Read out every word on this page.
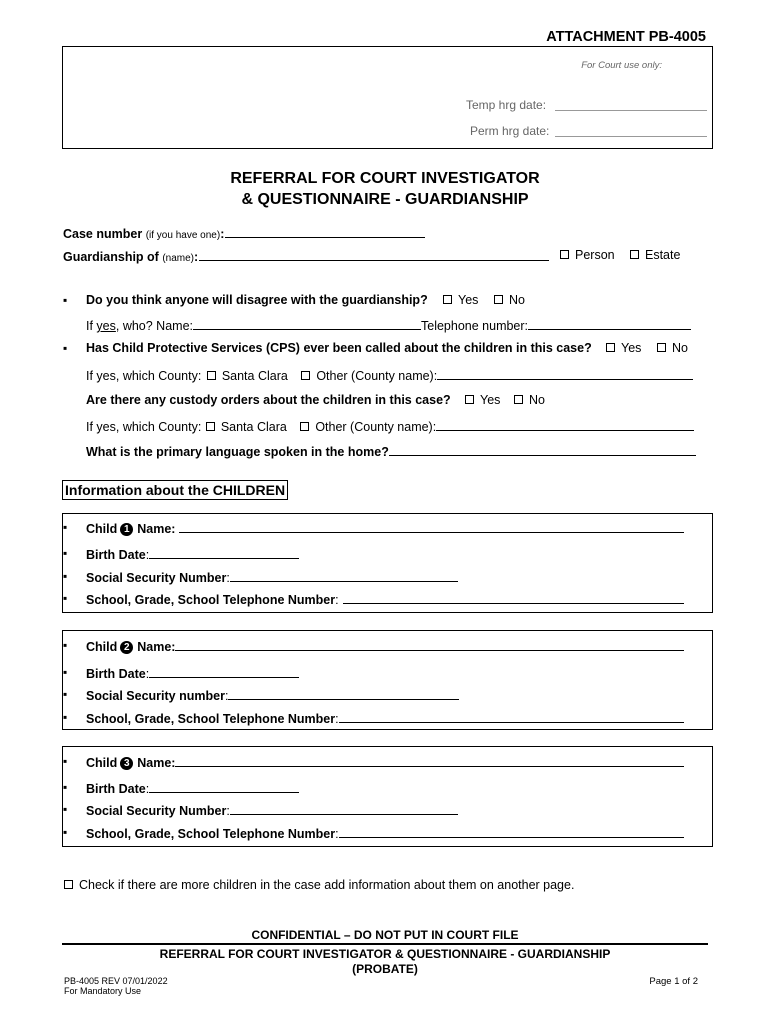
ATTACHMENT PB-4005
For Court use only:
Temp hrg date:
Perm hrg date:
REFERRAL FOR COURT INVESTIGATOR
& QUESTIONNAIRE - GUARDIANSHIP
Case number (if you have one):
Guardianship of (name):	Person	Estate
▪ Do you think anyone will disagree with the guardianship?	Yes	No
If yes, who? Name:	Telephone number:
▪ Has Child Protective Services (CPS) ever been called about the children in this case?	Yes	No
If yes, which County: Santa Clara Other (County name):
Are there any custody orders about the children in this case?	Yes	No
If yes, which County: Santa Clara Other (County name):
What is the primary language spoken in the home?
Information about the CHILDREN
▪ Child 1 Name:
▪ Birth Date:
▪ Social Security Number:
▪ School, Grade, School Telephone Number:
▪ Child 2 Name:
▪ Birth Date:
▪ Social Security number:
▪ School, Grade, School Telephone Number:
▪ Child 3 Name:
▪ Birth Date:
▪ Social Security Number:
▪ School, Grade, School Telephone Number:
Check if there are more children in the case add information about them on another page.
CONFIDENTIAL – DO NOT PUT IN COURT FILE
REFERRAL FOR COURT INVESTIGATOR & QUESTIONNAIRE - GUARDIANSHIP
(PROBATE)
PB-4005 REV 07/01/2022
For Mandatory Use
Page 1 of 2
